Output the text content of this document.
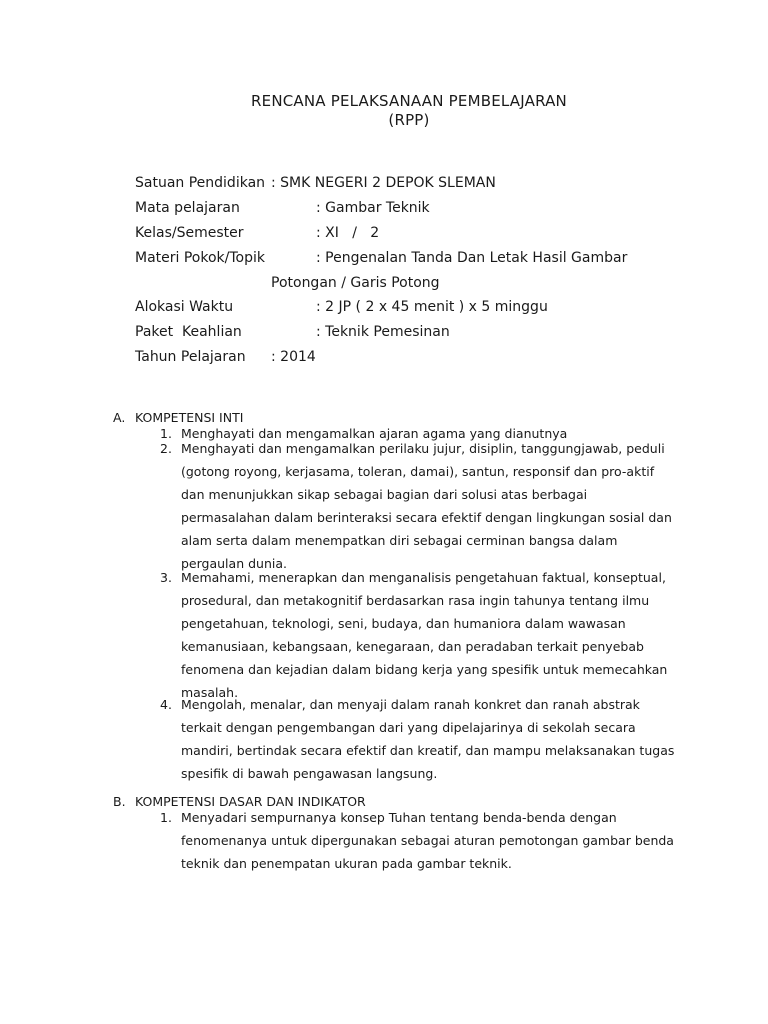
RENCANA PELAKSANAAN PEMBELAJARAN
(RPP)
Satuan Pendidikan : SMK NEGERI 2 DEPOK SLEMAN
Mata pelajaran	: Gambar Teknik
Kelas/Semester	: XI   /   2
Materi Pokok/Topik	: Pengenalan Tanda Dan Letak Hasil Gambar
Potongan / Garis Potong
Alokasi Waktu	: 2 JP ( 2 x 45 menit ) x 5 minggu
Paket  Keahlian	: Teknik Pemesinan
Tahun Pelajaran : 2014
A. KOMPETENSI INTI
1. Menghayati dan mengamalkan ajaran agama yang dianutnya
2. Menghayati dan mengamalkan perilaku jujur, disiplin, tanggungjawab, peduli
(gotong royong, kerjasama, toleran, damai), santun, responsif dan pro-aktif
dan menunjukkan sikap sebagai bagian dari solusi atas berbagai
permasalahan dalam berinteraksi secara efektif dengan lingkungan sosial dan
alam serta dalam menempatkan diri sebagai cerminan bangsa dalam
pergaulan dunia.
3. Memahami, menerapkan dan menganalisis pengetahuan faktual, konseptual,
prosedural, dan metakognitif berdasarkan rasa ingin tahunya tentang ilmu
pengetahuan, teknologi, seni, budaya, dan humaniora dalam wawasan
kemanusiaan, kebangsaan, kenegaraan, dan peradaban terkait penyebab
fenomena dan kejadian dalam bidang kerja yang spesifik untuk memecahkan
masalah.
4. Mengolah, menalar, dan menyaji dalam ranah konkret dan ranah abstrak
terkait dengan pengembangan dari yang dipelajarinya di sekolah secara
mandiri, bertindak secara efektif dan kreatif, dan mampu melaksanakan tugas
spesifik di bawah pengawasan langsung.
B. KOMPETENSI DASAR DAN INDIKATOR
1. Menyadari sempurnanya konsep Tuhan tentang benda-benda dengan
fenomenanya untuk dipergunakan sebagai aturan pemotongan gambar benda
teknik dan penempatan ukuran pada gambar teknik.
